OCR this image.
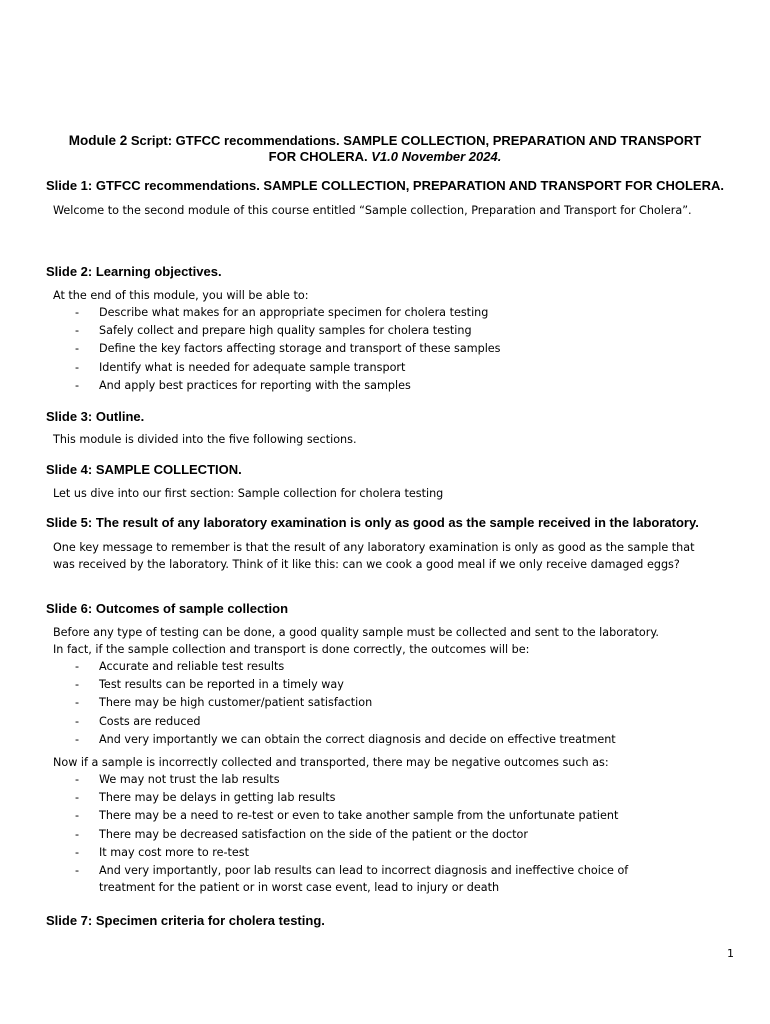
Module 2 Script: GTFCC recommendations. SAMPLE COLLECTION, PREPARATION AND TRANSPORT FOR CHOLERA. V1.0 November 2024.

Slide 1: GTFCC recommendations. SAMPLE COLLECTION, PREPARATION AND TRANSPORT FOR CHOLERA.

Welcome to the second module of this course entitled “Sample collection, Preparation and Transport for Cholera”.

Slide 2: Learning objectives.

At the end of this module, you will be able to:

- Describe what makes for an appropriate specimen for cholera testing
- Safely collect and prepare high quality samples for cholera testing
- Define the key factors affecting storage and transport of these samples
- Identify what is needed for adequate sample transport
- And apply best practices for reporting with the samples

Slide 3: Outline.

This module is divided into the five following sections.

Slide 4: SAMPLE COLLECTION.

Let us dive into our first section: Sample collection for cholera testing

Slide 5: The result of any laboratory examination is only as good as the sample received in the laboratory.

One key message to remember is that the result of any laboratory examination is only as good as the sample that was received by the laboratory. Think of it like this: can we cook a good meal if we only receive damaged eggs?

Slide 6: Outcomes of sample collection

Before any type of testing can be done, a good quality sample must be collected and sent to the laboratory.

In fact, if the sample collection and transport is done correctly, the outcomes will be:

- Accurate and reliable test results
- Test results can be reported in a timely way
- There may be high customer/patient satisfaction
- Costs are reduced
- And very importantly we can obtain the correct diagnosis and decide on effective treatment

Now if a sample is incorrectly collected and transported, there may be negative outcomes such as:

- We may not trust the lab results
- There may be delays in getting lab results
- There may be a need to re-test or even to take another sample from the unfortunate patient
- There may be decreased satisfaction on the side of the patient or the doctor
- It may cost more to re-test
- And very importantly, poor lab results can lead to incorrect diagnosis and ineffective choice of treatment for the patient or in worst case event, lead to injury or death

Slide 7: Specimen criteria for cholera testing.

1
